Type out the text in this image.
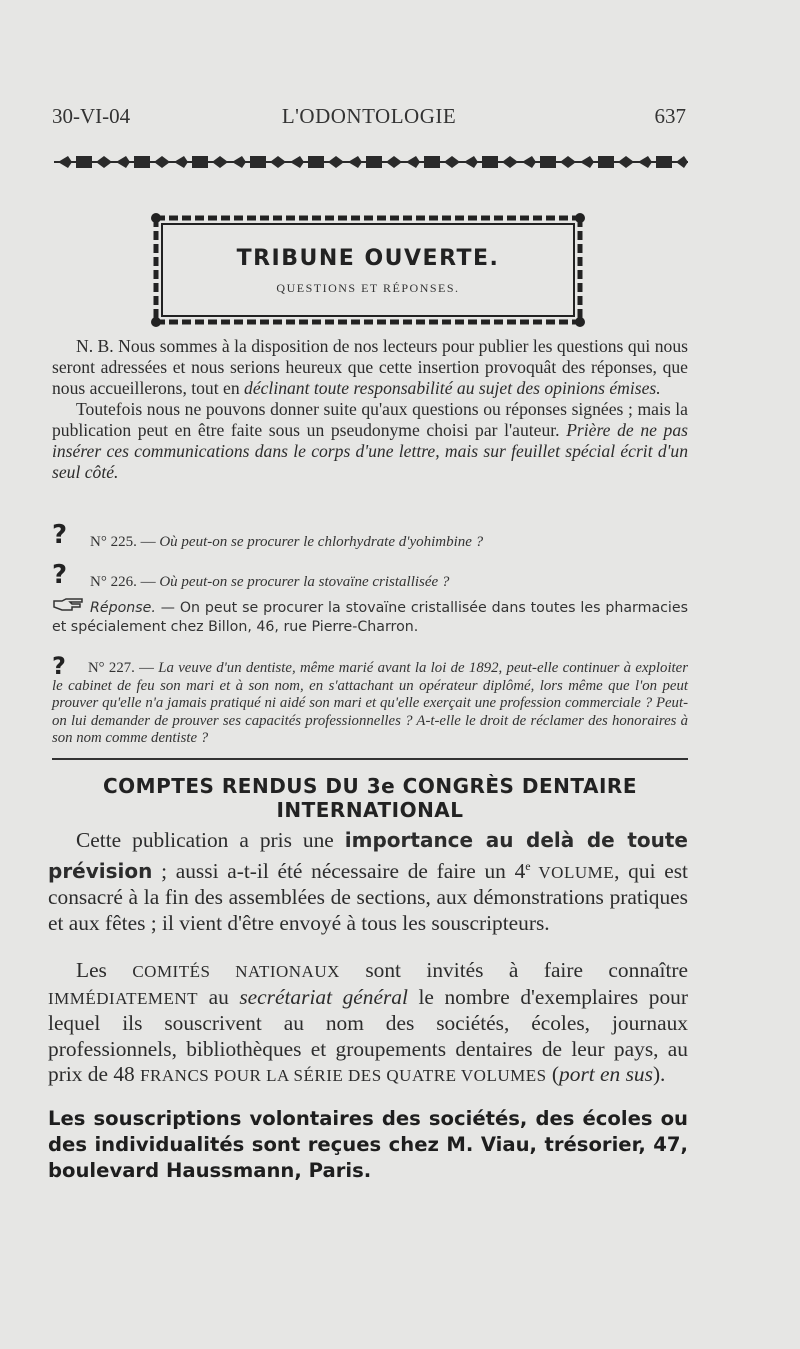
30-VI-04	L'ODONTOLOGIE	637
TRIBUNE OUVERTE.
QUESTIONS ET RÉPONSES.

N. B. Nous sommes à la disposition de nos lecteurs pour publier les questions qui nous seront adressées et nous serions heureux que cette insertion provoquât des réponses, que nous accueillerons, tout en déclinant toute responsabilité au sujet des opinions émises.

Toutefois nous ne pouvons donner suite qu'aux questions ou réponses signées ; mais la publication peut en être faite sous un pseudonyme choisi par l'auteur. Prière de ne pas insérer ces communications dans le corps d'une lettre, mais sur feuillet spécial écrit d'un seul côté.

? N° 225. — Où peut-on se procurer le chlorhydrate d'yohimbine ?
? N° 226. — Où peut-on se procurer la stovaïne cristallisée ?
Réponse. — On peut se procurer la stovaïne cristallisée dans toutes les pharmacies et spécialement chez Billon, 46, rue Pierre-Charron.
?	N° 227. — La veuve d'un dentiste, même marié avant la loi de 1892, peut-elle continuer à exploiter le cabinet de feu son mari et à son nom, en s'attachant un opérateur diplômé, lors même que l'on peut prouver qu'elle n'a jamais pratiqué ni aidé son mari et qu'elle exerçait une profession commerciale ? Peut-on lui demander de prouver ses capacités professionnelles ? A-t-elle le droit de réclamer des honoraires à son nom comme dentiste ?

COMPTES RENDUS DU 3e CONGRÈS DENTAIRE
INTERNATIONAL

Cette publication a pris une importance au delà de toute prévision ; aussi a-t-il été nécessaire de faire un 4e VOLUME, qui est consacré à la fin des assemblées de sections, aux démonstrations pratiques et aux fêtes ; il vient d'être envoyé à tous les souscripteurs.

Les COMITÉS NATIONAUX sont invités à faire connaître IMMÉDIATEMENT au secrétariat général le nombre d'exemplaires pour lequel ils souscrivent au nom des sociétés, écoles, journaux professionnels, bibliothèques et groupements dentaires de leur pays, au prix de 48 FRANCS POUR LA SÉRIE DES QUATRE VOLUMES (port en sus).

Les souscriptions volontaires des sociétés, des écoles ou des individualités sont reçues chez M. Viau, trésorier, 47, boulevard Haussmann, Paris.
